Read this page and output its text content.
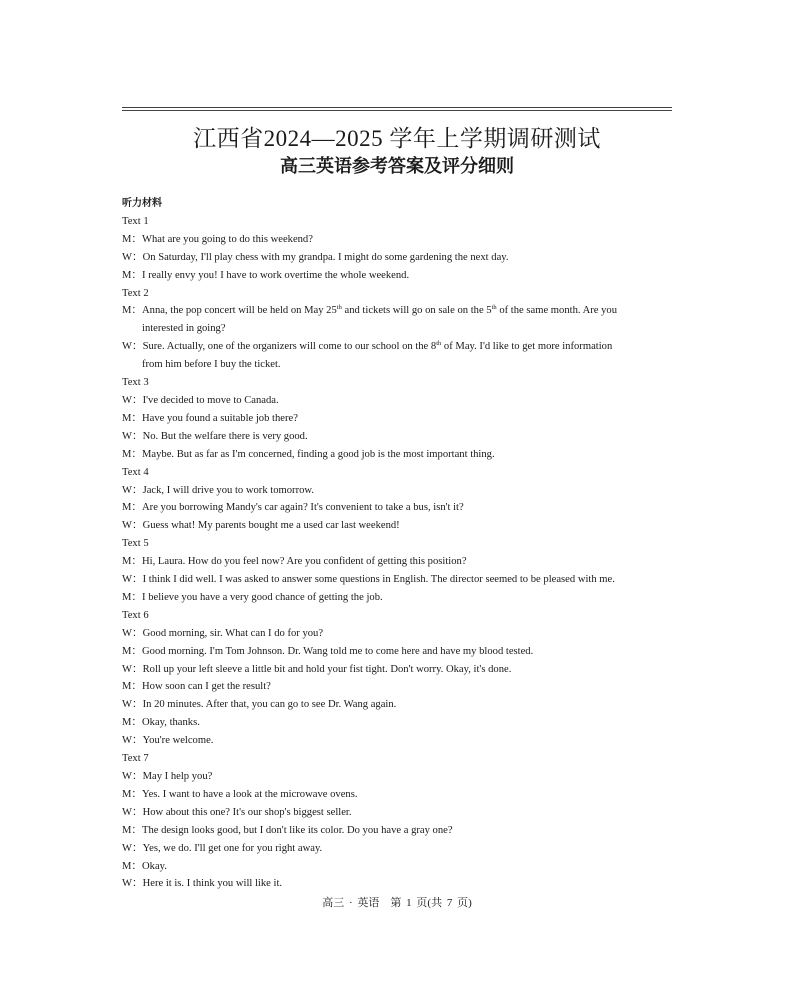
江西省2024—2025 学年上学期调研测试
高三英语参考答案及评分细则
听力材料
Text 1
M：What are you going to do this weekend?
W：On Saturday, I'll play chess with my grandpa. I might do some gardening the next day.
M：I really envy you! I have to work overtime the whole weekend.
Text 2
M：Anna, the pop concert will be held on May 25th and tickets will go on sale on the 5th of the same month. Are you
interested in going?
W：Sure. Actually, one of the organizers will come to our school on the 8th of May. I'd like to get more information
from him before I buy the ticket.
Text 3
W：I've decided to move to Canada.
M：Have you found a suitable job there?
W：No. But the welfare there is very good.
M：Maybe. But as far as I'm concerned, finding a good job is the most important thing.
Text 4
W：Jack, I will drive you to work tomorrow.
M：Are you borrowing Mandy's car again? It's convenient to take a bus, isn't it?
W：Guess what! My parents bought me a used car last weekend!
Text 5
M：Hi, Laura. How do you feel now? Are you confident of getting this position?
W：I think I did well. I was asked to answer some questions in English. The director seemed to be pleased with me.
M：I believe you have a very good chance of getting the job.
Text 6
W：Good morning, sir. What can I do for you?
M：Good morning. I'm Tom Johnson. Dr. Wang told me to come here and have my blood tested.
W：Roll up your left sleeve a little bit and hold your fist tight. Don't worry. Okay, it's done.
M：How soon can I get the result?
W：In 20 minutes. After that, you can go to see Dr. Wang again.
M：Okay, thanks.
W：You're welcome.
Text 7
W：May I help you?
M：Yes. I want to have a look at the microwave ovens.
W：How about this one? It's our shop's biggest seller.
M：The design looks good, but I don't like its color. Do you have a gray one?
W：Yes, we do. I'll get one for you right away.
M：Okay.
W：Here it is. I think you will like it.
高三 · 英语　第 1 页(共 7 页)
